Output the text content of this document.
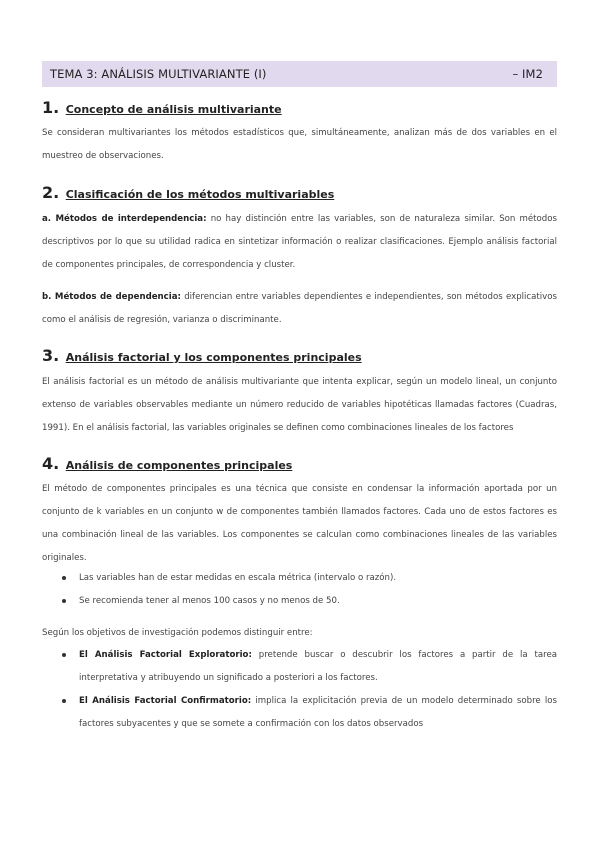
TEMA 3: ANÁLISIS MULTIVARIANTE (I)	– IM2
1. Concepto de análisis multivariante

Se consideran multivariantes los métodos estadísticos que, simultáneamente, analizan más de dos variables en el muestreo de observaciones.

2. Clasificación de los métodos multivariables

a. Métodos de interdependencia: no hay distinción entre las variables, son de naturaleza similar. Son métodos descriptivos por lo que su utilidad radica en sintetizar información o realizar clasificaciones. Ejemplo análisis factorial de componentes principales, de correspondencia y cluster.

b. Métodos de dependencia: diferencian entre variables dependientes e independientes, son métodos explicativos como el análisis de regresión, varianza o discriminante.

3. Análisis factorial y los componentes principales

El análisis factorial es un método de análisis multivariante que intenta explicar, según un modelo lineal, un conjunto extenso de variables observables mediante un número reducido de variables hipotéticas llamadas factores (Cuadras, 1991). En el análisis factorial, las variables originales se definen como combinaciones lineales de los factores

4. Análisis de componentes principales

El método de componentes principales es una técnica que consiste en condensar la información aportada por un conjunto de k variables en un conjunto w de componentes también llamados factores. Cada uno de estos factores es una combinación lineal de las variables. Los componentes se calculan como combinaciones lineales de las variables originales.

Las variables han de estar medidas en escala métrica (intervalo o razón).
Se recomienda tener al menos 100 casos y no menos de 50.

Según los objetivos de investigación podemos distinguir entre:

El Análisis Factorial Exploratorio: pretende buscar o descubrir los factores a partir de la tarea interpretativa y atribuyendo un significado a posteriori a los factores.
El Análisis Factorial Confirmatorio: implica la explicitación previa de un modelo determinado sobre los factores subyacentes y que se somete a confirmación con los datos observados
